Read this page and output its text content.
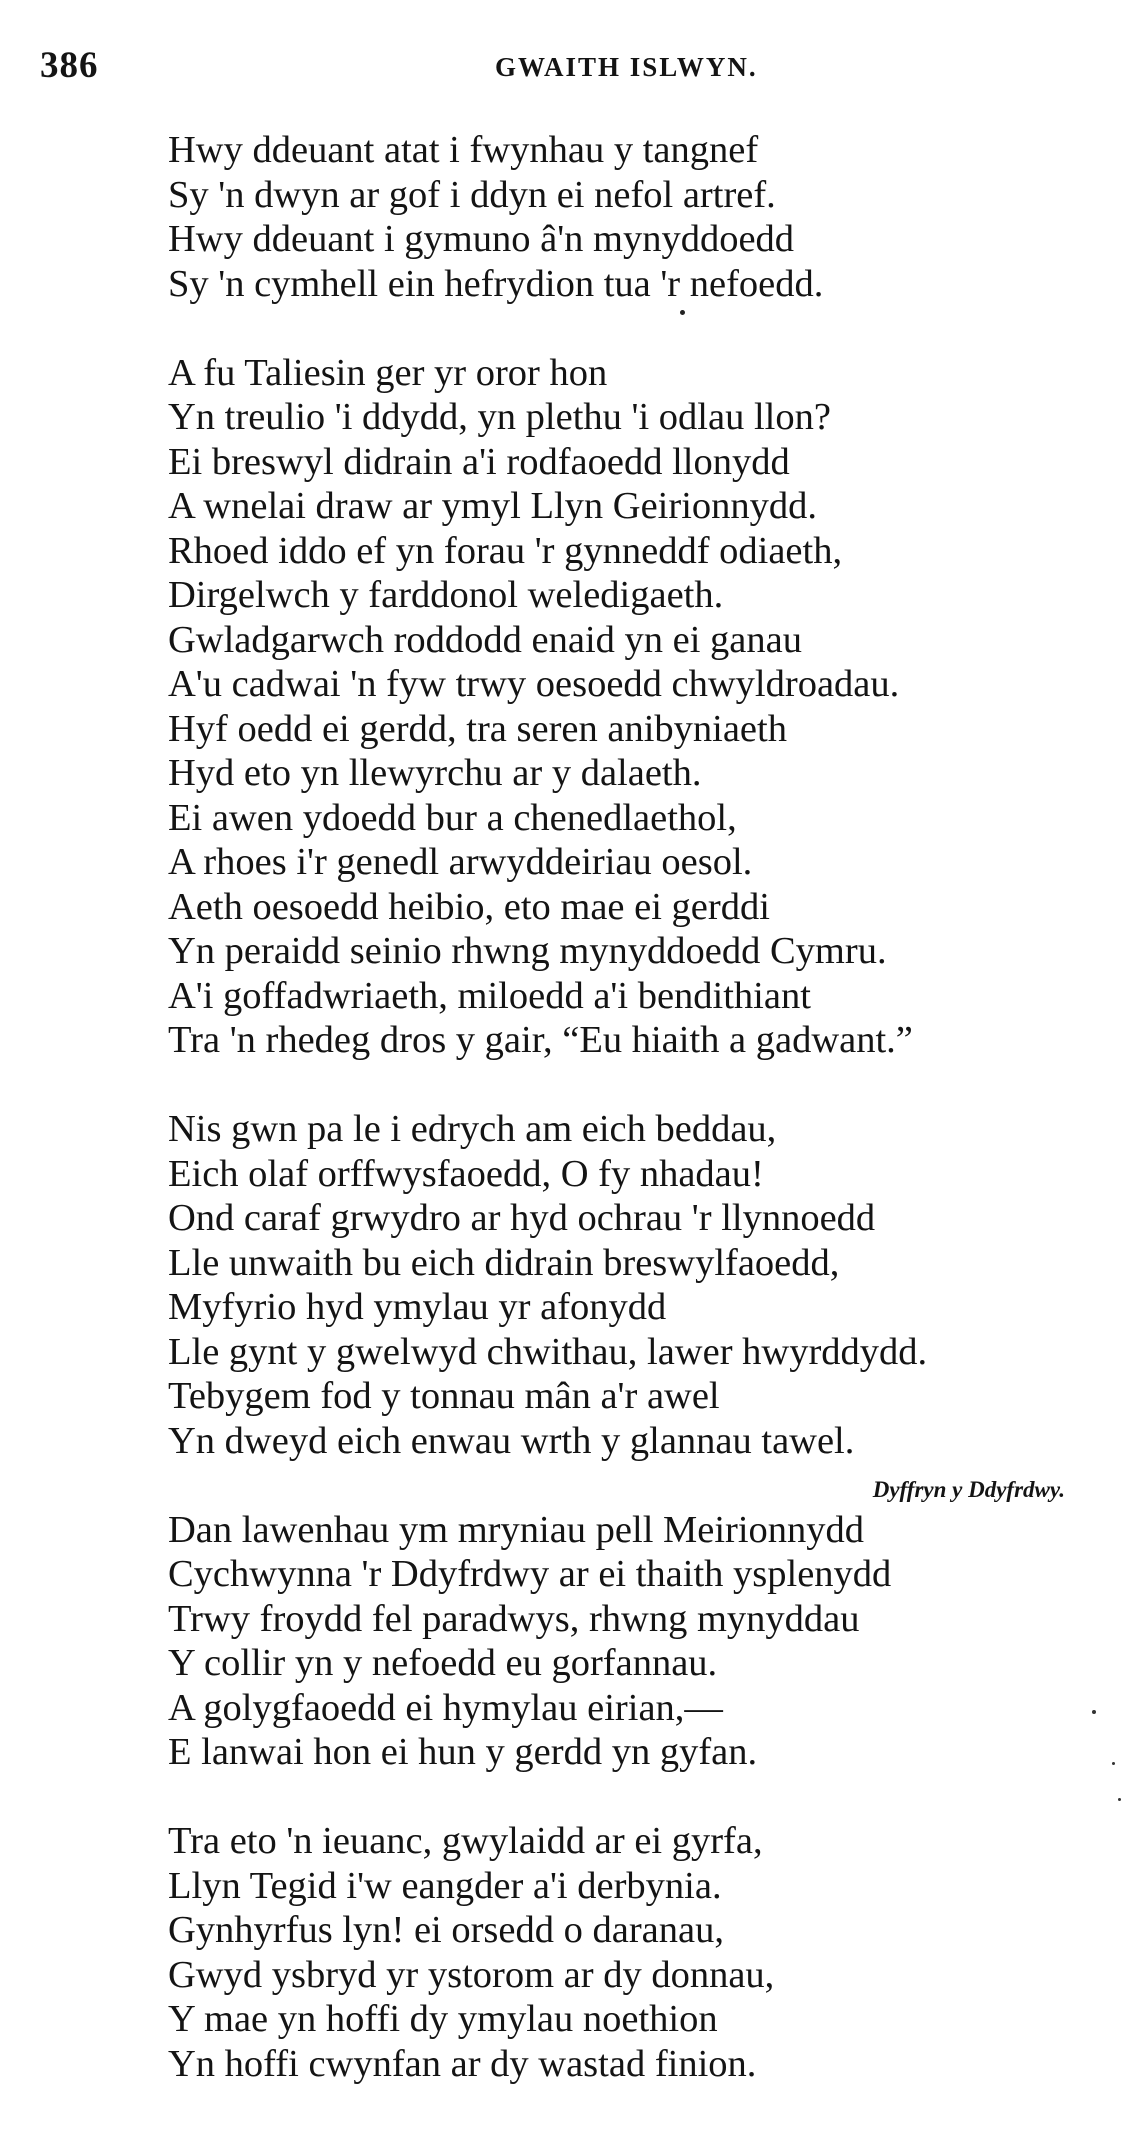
386	GWAITH ISLWYN.
Hwy ddeuant atat i fwynhau y tangnef
Sy 'n dwyn ar gof i ddyn ei nefol artref.
Hwy ddeuant i gymuno â'n mynyddoedd
Sy 'n cymhell ein hefrydion tua 'r nefoedd.
A fu Taliesin ger yr oror hon
Yn treulio 'i ddydd, yn plethu 'i odlau llon?
Ei breswyl didrain a'i rodfaoedd llonydd
A wnelai draw ar ymyl Llyn Geirionnydd.
Rhoed iddo ef yn forau 'r gynneddf odiaeth,
Dirgelwch y farddonol weledigaeth.
Gwladgarwch roddodd enaid yn ei ganau
A'u cadwai 'n fyw trwy oesoedd chwyldroadau.
Hyf oedd ei gerdd, tra seren anibyniaeth
Hyd eto yn llewyrchu ar y dalaeth.
Ei awen ydoedd bur a chenedlaethol,
A rhoes i'r genedl arwyddeiriau oesol.
Aeth oesoedd heibio, eto mae ei gerddi
Yn peraidd seinio rhwng mynyddoedd Cymru.
A'i goffadwriaeth, miloedd a'i bendithiant
Tra 'n rhedeg dros y gair, “Eu hiaith a gadwant.”
Nis gwn pa le i edrych am eich beddau,
Eich olaf orffwysfaoedd, O fy nhadau!
Ond caraf grwydro ar hyd ochrau 'r llynnoedd
Lle unwaith bu eich didrain breswylfaoedd,
Myfyrio hyd ymylau yr afonydd
Lle gynt y gwelwyd chwithau, lawer hwyrddydd.
Tebygem fod y tonnau mân a'r awel
Yn dweyd eich enwau wrth y glannau tawel.
Dyffryn y Ddyfrdwy.
Dan lawenhau ym mryniau pell Meirionnydd
Cychwynna 'r Ddyfrdwy ar ei thaith ysplenydd
Trwy froydd fel paradwys, rhwng mynyddau
Y collir yn y nefoedd eu gorfannau.
A golygfaoedd ei hymylau eirian,—
E lanwai hon ei hun y gerdd yn gyfan.
Tra eto 'n ieuanc, gwylaidd ar ei gyrfa,
Llyn Tegid i'w eangder a'i derbynia.
Gynhyrfus lyn! ei orsedd o daranau,
Gwyd ysbryd yr ystorom ar dy donnau,
Y mae yn hoffi dy ymylau noethion
Yn hoffi cwynfan ar dy wastad finion.
